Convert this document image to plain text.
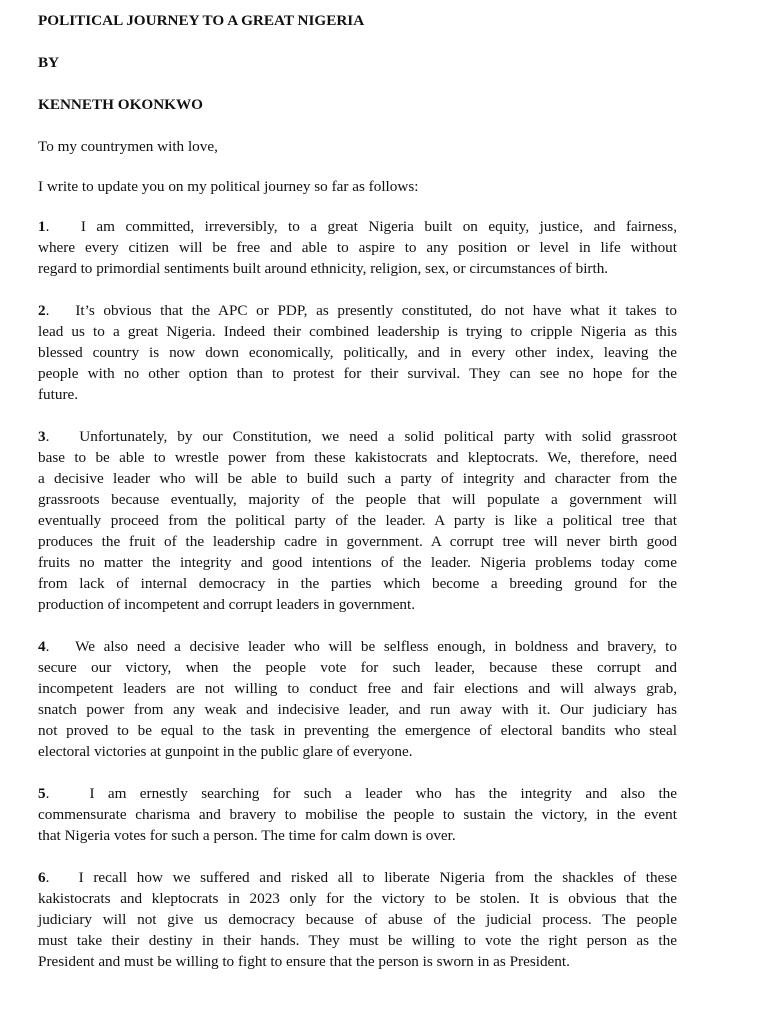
POLITICAL JOURNEY TO A GREAT NIGERIA

BY

KENNETH OKONKWO

To my countrymen with love,

I write to update you on my political journey so far as follows:

1.   I am committed, irreversibly, to a great Nigeria built on equity, justice, and fairness,
where every citizen will be free and able to aspire to any position or level in life without
regard to primordial sentiments built around ethnicity, religion, sex, or circumstances of birth.
2.   It’s obvious that the APC or PDP, as presently constituted, do not have what it takes to
lead us to a great Nigeria. Indeed their combined leadership is trying to cripple Nigeria as this
blessed country is now down economically, politically, and in every other index, leaving the
people with no other option than to protest for their survival. They can see no hope for the
future.
3.   Unfortunately, by our Constitution, we need a solid political party with solid grassroot
base to be able to wrestle power from these kakistocrats and kleptocrats. We, therefore, need
a decisive leader who will be able to build such a party of integrity and character from the
grassroots because eventually, majority of the people that will populate a government will
eventually proceed from the political party of the leader. A party is like a political tree that
produces the fruit of the leadership cadre in government. A corrupt tree will never birth good
fruits no matter the integrity and good intentions of the leader. Nigeria problems today come
from lack of internal democracy in the parties which become a breeding ground for the
production of incompetent and corrupt leaders in government.
4.   We also need a decisive leader who will be selfless enough, in boldness and bravery, to
secure our victory, when the people vote for such leader, because these corrupt and
incompetent leaders are not willing to conduct free and fair elections and will always grab,
snatch power from any weak and indecisive leader, and run away with it. Our judiciary has
not proved to be equal to the task in preventing the emergence of electoral bandits who steal
electoral victories at gunpoint in the public glare of everyone.
5.   I am ernestly searching for such a leader who has the integrity and also the
commensurate charisma and bravery to mobilise the people to sustain the victory, in the event
that Nigeria votes for such a person. The time for calm down is over.
6.   I recall how we suffered and risked all to liberate Nigeria from the shackles of these
kakistocrats and kleptocrats in 2023 only for the victory to be stolen. It is obvious that the
judiciary will not give us democracy because of abuse of the judicial process. The people
must take their destiny in their hands. They must be willing to vote the right person as the
President and must be willing to fight to ensure that the person is sworn in as President.
